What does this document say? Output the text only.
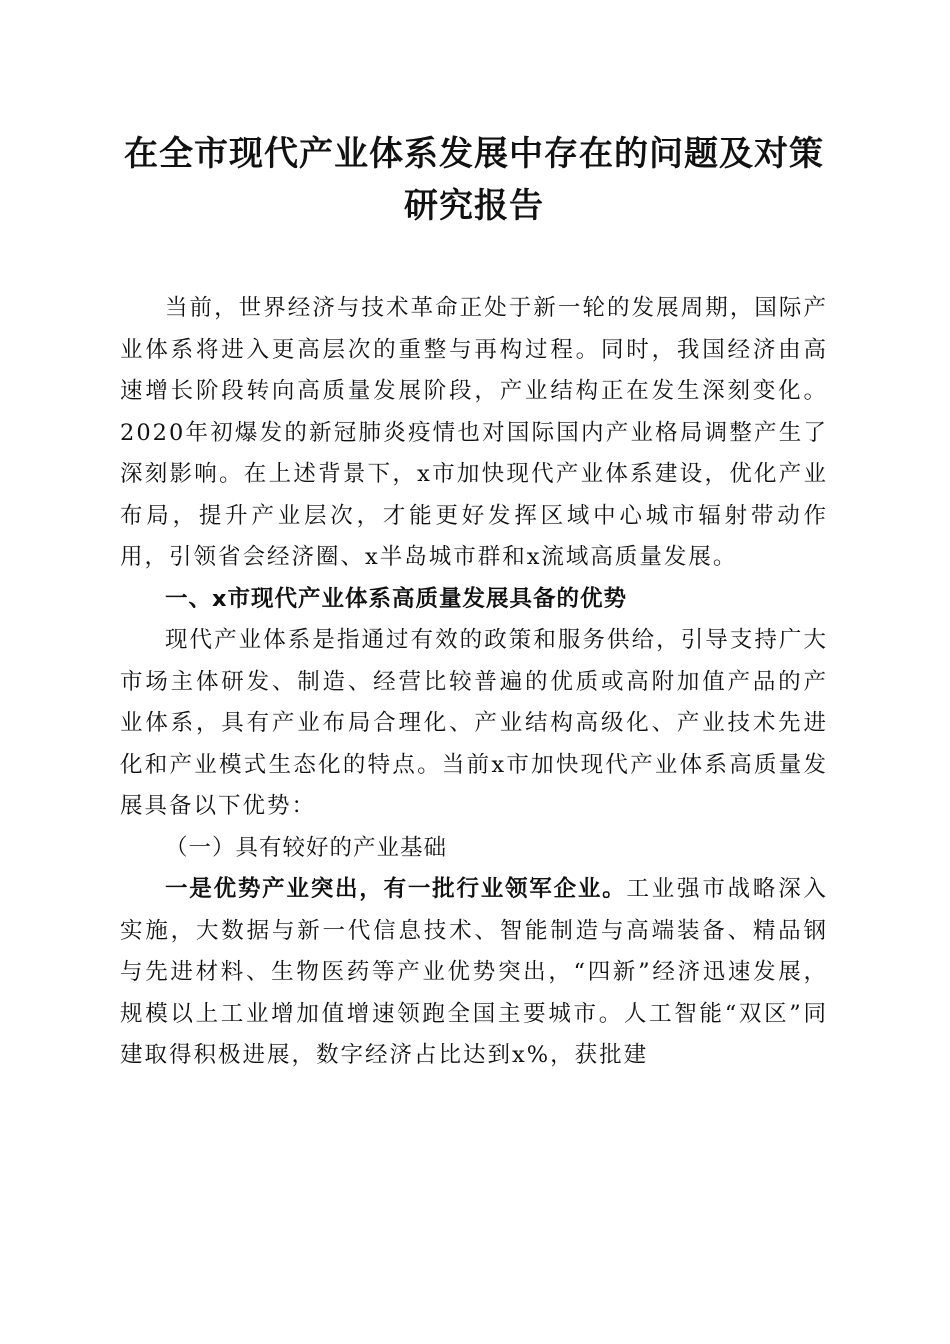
在全市现代产业体系发展中存在的问题及对策
研究报告

当前，世界经济与技术革命正处于新一轮的发展周期，国际产业体系将进入更高层次的重整与再构过程。同时，我国经济由高速增长阶段转向高质量发展阶段，产业结构正在发生深刻变化。2020年初爆发的新冠肺炎疫情也对国际国内产业格局调整产生了深刻影响。在上述背景下，x市加快现代产业体系建设，优化产业布局，提升产业层次，才能更好发挥区域中心城市辐射带动作用，引领省会经济圈、x半岛城市群和x流域高质量发展。

一、x市现代产业体系高质量发展具备的优势

现代产业体系是指通过有效的政策和服务供给，引导支持广大市场主体研发、制造、经营比较普遍的优质或高附加值产品的产业体系，具有产业布局合理化、产业结构高级化、产业技术先进化和产业模式生态化的特点。当前x市加快现代产业体系高质量发展具备以下优势：

（一）具有较好的产业基础

一是优势产业突出，有一批行业领军企业。工业强市战略深入实施，大数据与新一代信息技术、智能制造与高端装备、精品钢与先进材料、生物医药等产业优势突出，“四新”经济迅速发展，规模以上工业增加值增速领跑全国主要城市。人工智能“双区”同建取得积极进展，数字经济占比达到x%，获批建
